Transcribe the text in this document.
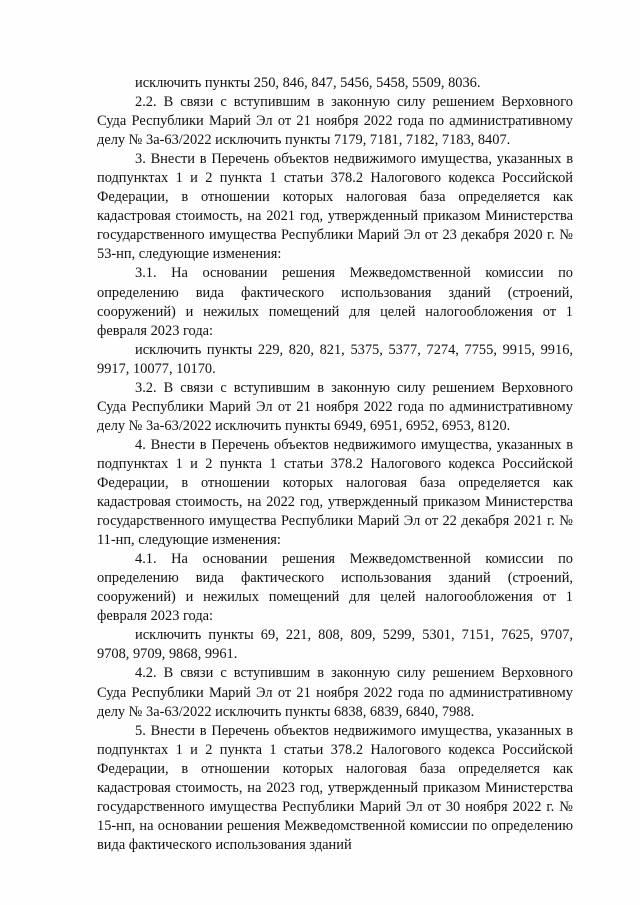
исключить пункты 250, 846, 847, 5456, 5458, 5509, 8036.

2.2. В связи с вступившим в законную силу решением Верховного Суда Республики Марий Эл от 21 ноября 2022 года по административному делу № 3а-63/2022 исключить пункты 7179, 7181, 7182, 7183, 8407.

3. Внести в Перечень объектов недвижимого имущества, указанных в подпунктах 1 и 2 пункта 1 статьи 378.2 Налогового кодекса Российской Федерации, в отношении которых налоговая база определяется как кадастровая стоимость, на 2021 год, утвержденный приказом Министерства государственного имущества Республики Марий Эл от 23 декабря 2020 г. № 53-нп, следующие изменения:

3.1. На основании решения Межведомственной комиссии по определению вида фактического использования зданий (строений, сооружений) и нежилых помещений для целей налогообложения от 1 февраля 2023 года:

исключить пункты 229, 820, 821, 5375, 5377, 7274, 7755, 9915, 9916, 9917, 10077, 10170.

3.2. В связи с вступившим в законную силу решением Верховного Суда Республики Марий Эл от 21 ноября 2022 года по административному делу № 3а-63/2022 исключить пункты 6949, 6951, 6952, 6953, 8120.

4. Внести в Перечень объектов недвижимого имущества, указанных в подпунктах 1 и 2 пункта 1 статьи 378.2 Налогового кодекса Российской Федерации, в отношении которых налоговая база определяется как кадастровая стоимость, на 2022 год, утвержденный приказом Министерства государственного имущества Республики Марий Эл от 22 декабря 2021 г. № 11-нп, следующие изменения:

4.1. На основании решения Межведомственной комиссии по определению вида фактического использования зданий (строений, сооружений) и нежилых помещений для целей налогообложения от 1 февраля 2023 года:

исключить пункты 69, 221, 808, 809, 5299, 5301, 7151, 7625, 9707, 9708, 9709, 9868, 9961.

4.2. В связи с вступившим в законную силу решением Верховного Суда Республики Марий Эл от 21 ноября 2022 года по административному делу № 3а-63/2022 исключить пункты 6838, 6839, 6840, 7988.

5. Внести в Перечень объектов недвижимого имущества, указанных в подпунктах 1 и 2 пункта 1 статьи 378.2 Налогового кодекса Российской Федерации, в отношении которых налоговая база определяется как кадастровая стоимость, на 2023 год, утвержденный приказом Министерства государственного имущества Республики Марий Эл от 30 ноября 2022 г. № 15-нп, на основании решения Межведомственной комиссии по определению вида фактического использования зданий
